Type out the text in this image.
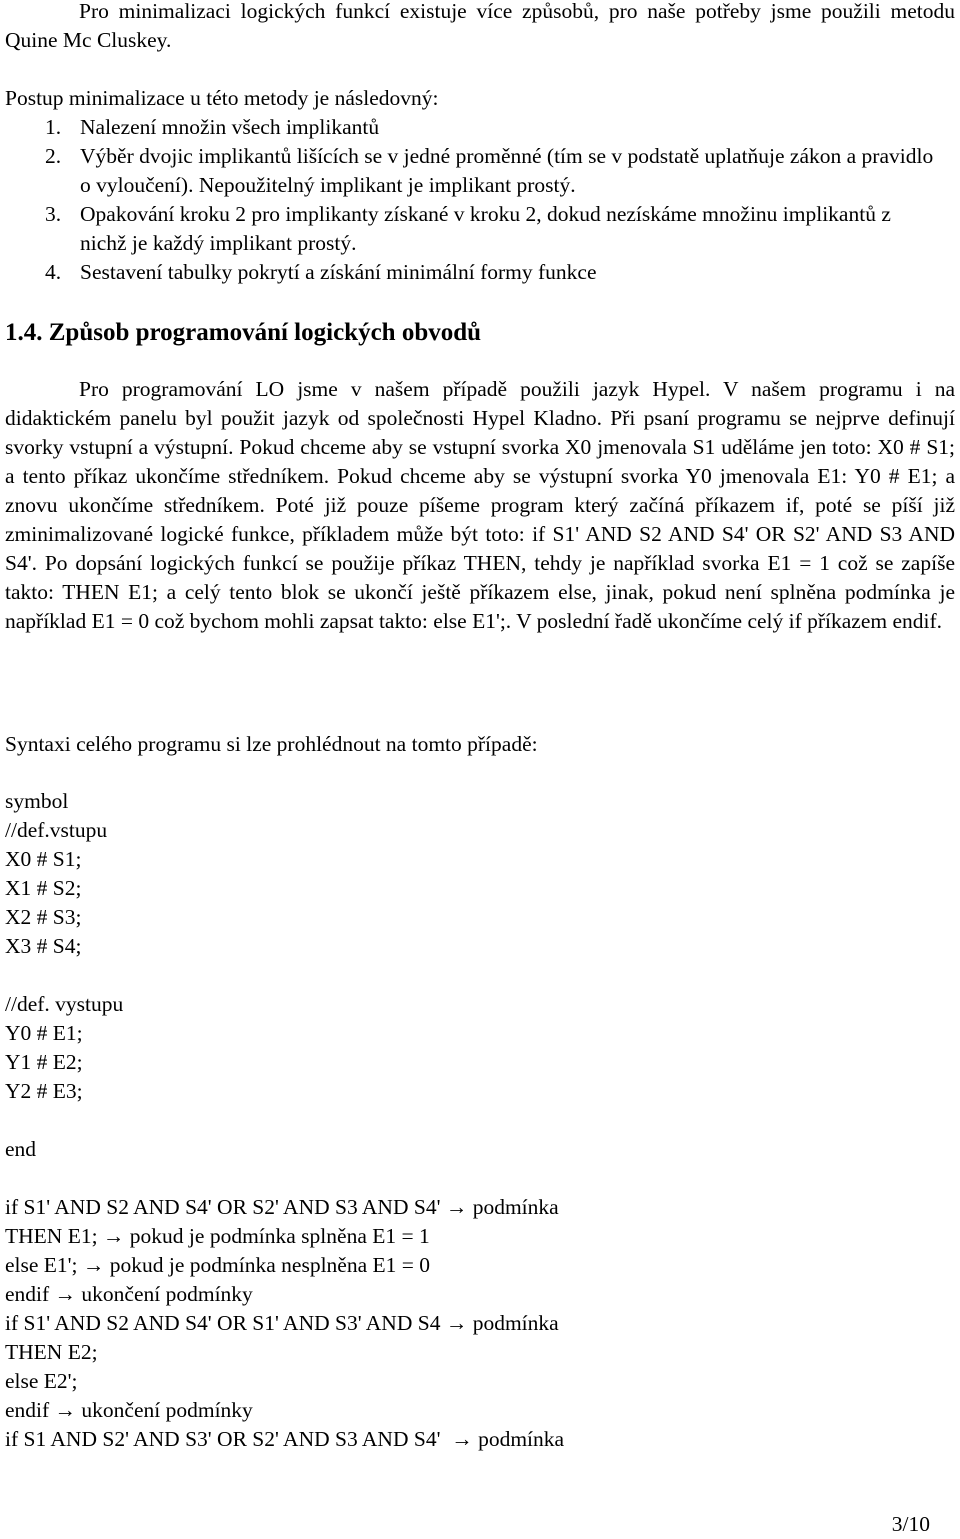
Pro minimalizaci logických funkcí existuje více způsobů, pro naše potřeby jsme použili metodu Quine Mc Cluskey.

Postup minimalizace u této metody je následovný:

1. Nalezení množin všech implikantů
2. Výběr dvojic implikantů lišících se v jedné proměnné (tím se v podstatě uplatňuje zákon a pravidlo o vyloučení). Nepoužitelný implikant je implikant prostý.
3. Opakování kroku 2 pro implikanty získané v kroku 2, dokud nezískáme množinu implikantů z nichž je každý implikant prostý.
4. Sestavení tabulky pokrytí a získání minimální formy funkce
1.4. Způsob programování logických obvodů

Pro programování LO jsme v našem případě použili jazyk Hypel. V našem programu i na didaktickém panelu byl použit jazyk od společnosti Hypel Kladno. Při psaní programu se nejprve definují svorky vstupní a výstupní. Pokud chceme aby se vstupní svorka X0 jmenovala S1 uděláme jen toto: X0 # S1; a tento příkaz ukončíme středníkem. Pokud chceme aby se výstupní svorka Y0 jmenovala E1: Y0 # E1; a znovu ukončíme středníkem. Poté již pouze píšeme program který začíná příkazem if, poté se píší již zminimalizované logické funkce, příkladem může být toto: if S1' AND S2 AND S4' OR S2' AND S3 AND S4'. Po dopsání logických funkcí se použije příkaz THEN, tehdy je například svorka E1 = 1 což se zapíše takto: THEN E1; a celý tento blok se ukončí ještě příkazem else, jinak, pokud není splněna podmínka je například E1 = 0 což bychom mohli zapsat takto: else E1';. V poslední řadě ukončíme celý if příkazem endif.

Syntaxi celého programu si lze prohlédnout na tomto případě:

symbol
//def.vstupu
X0 # S1;
X1 # S2;
X2 # S3;
X3 # S4;
//def. vystupu
Y0 # E1;
Y1 # E2;
Y2 # E3;
end
if S1' AND S2 AND S4' OR S2' AND S3 AND S4' → podmínka
THEN E1; → pokud je podmínka splněna E1 = 1
else E1'; → pokud je podmínka nesplněna E1 = 0
endif → ukončení podmínky
if S1' AND S2 AND S4' OR S1' AND S3' AND S4 → podmínka
THEN E2;
else E2';
endif → ukončení podmínky
if S1 AND S2' AND S3' OR S2' AND S3 AND S4'  → podmínka
3/10
